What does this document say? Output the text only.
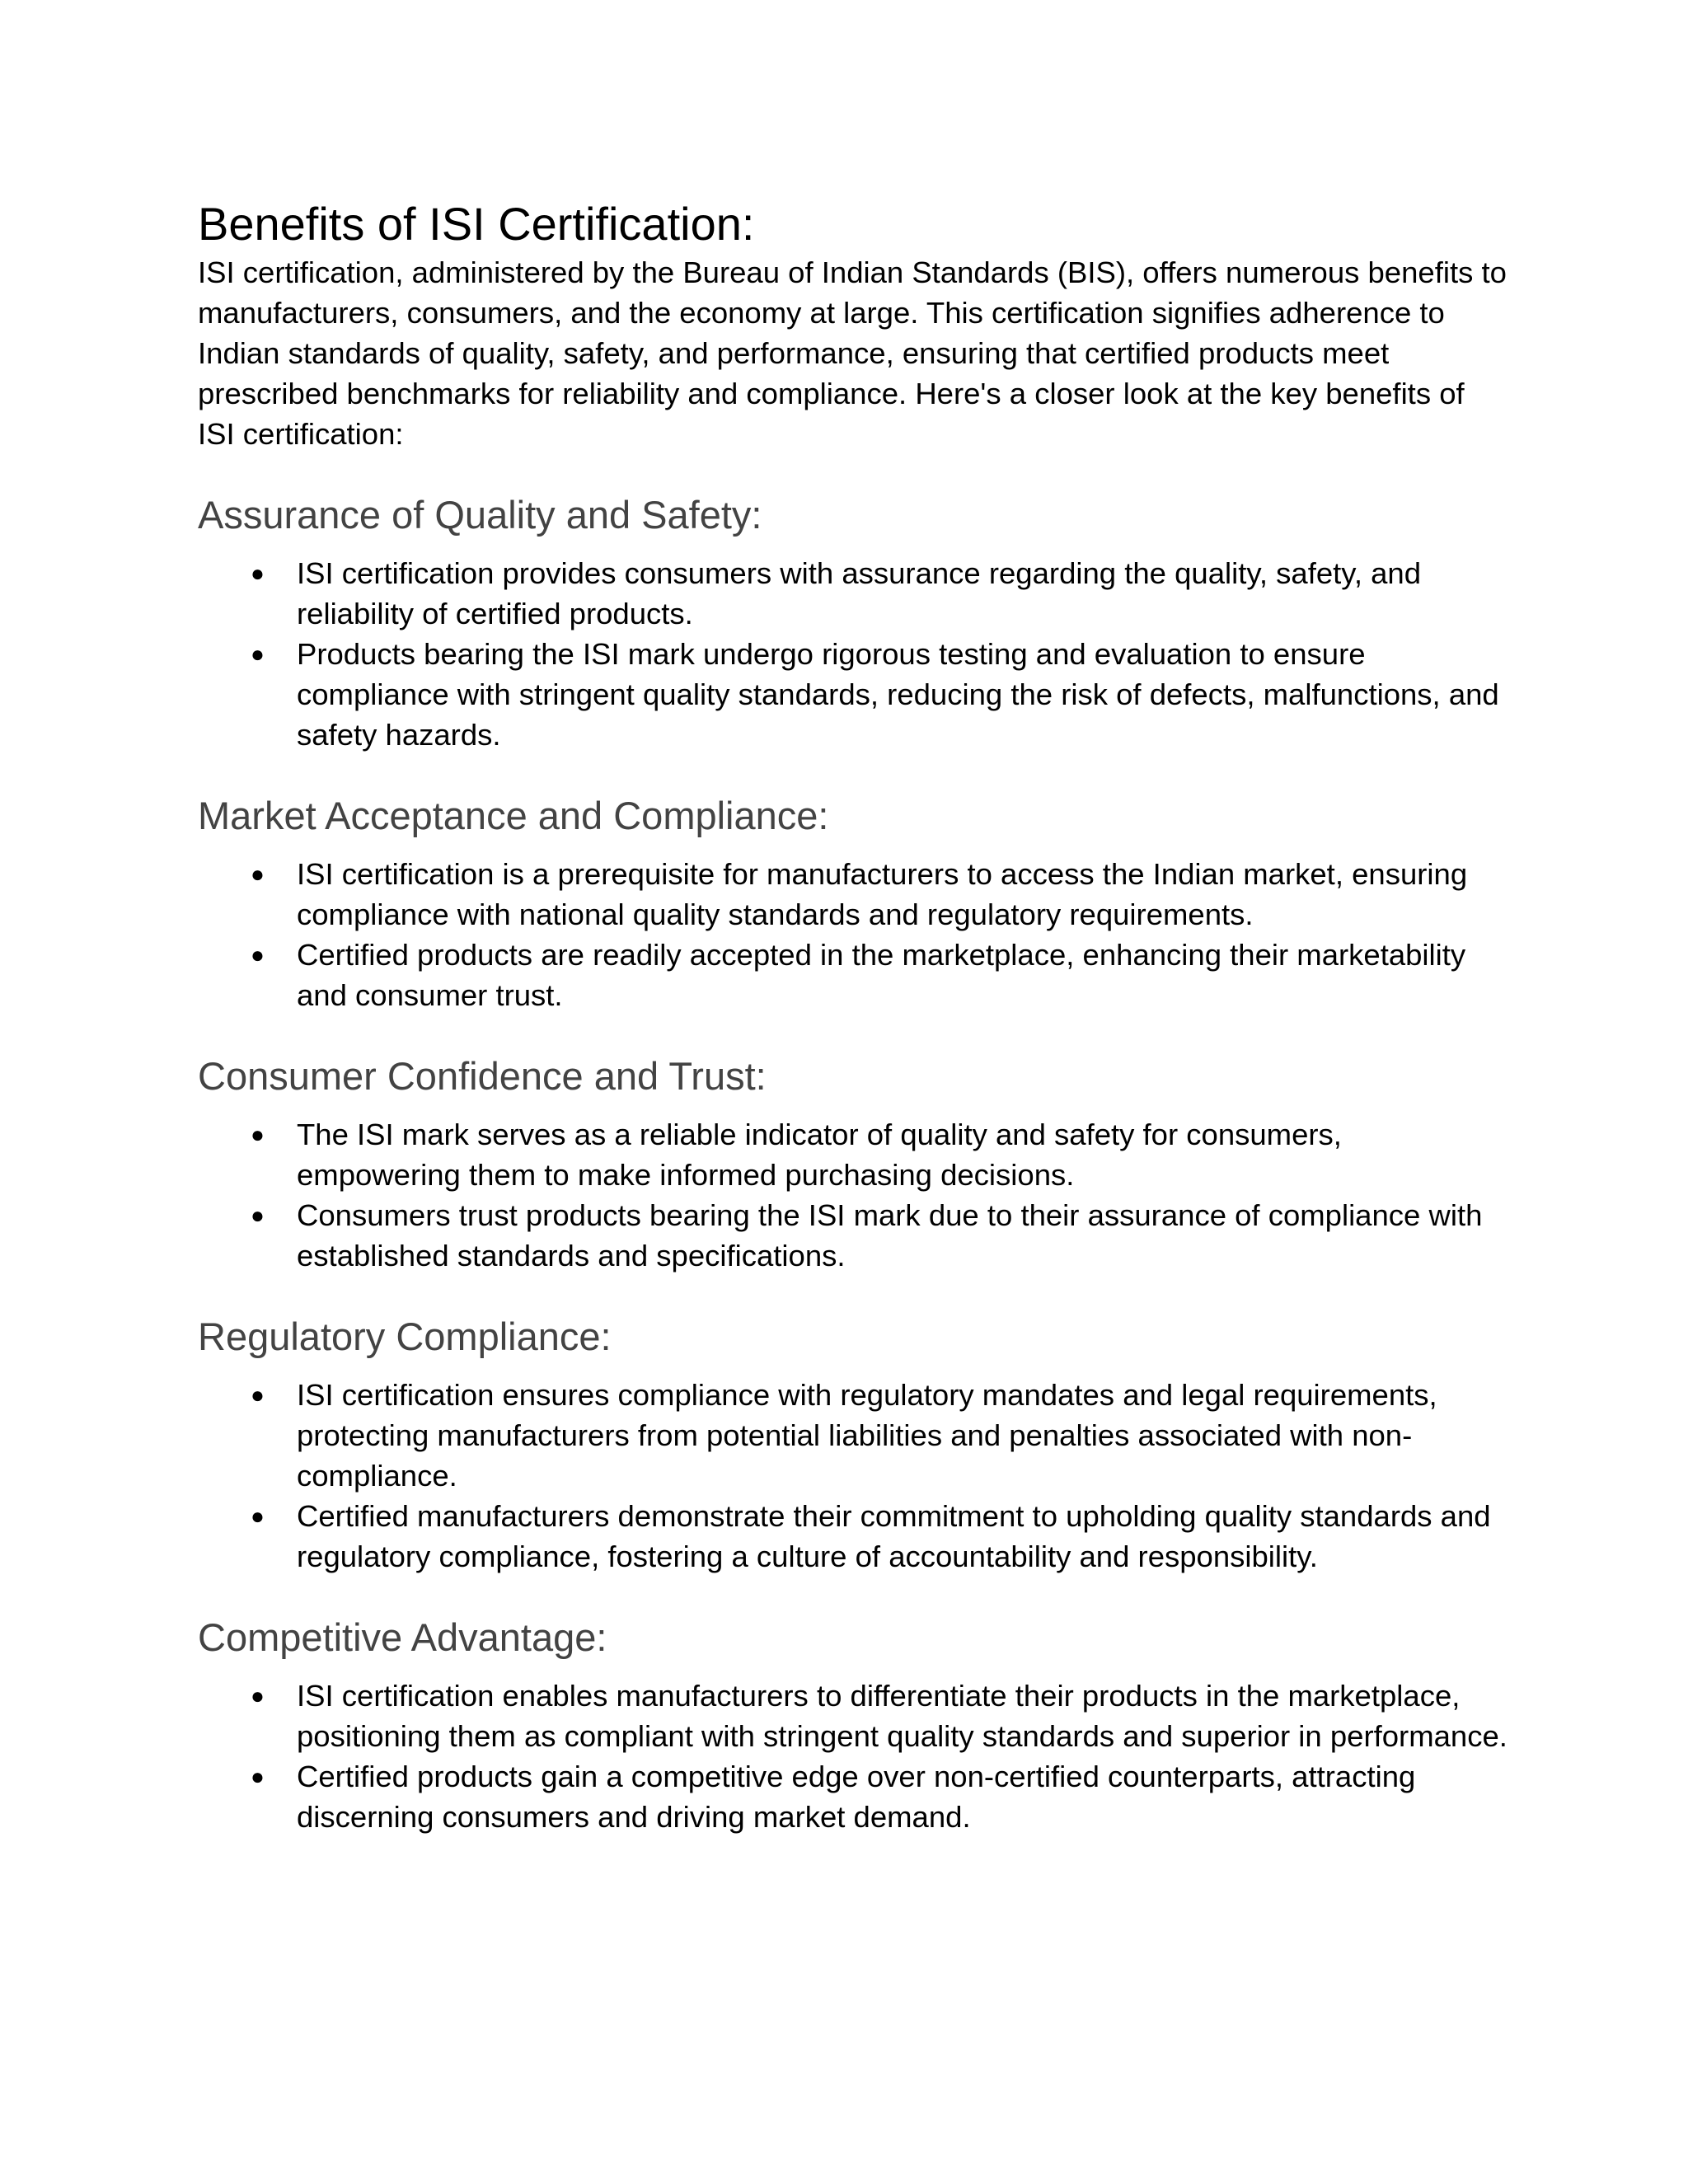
Benefits of ISI Certification:

ISI certification, administered by the Bureau of Indian Standards (BIS), offers numerous benefits to manufacturers, consumers, and the economy at large. This certification signifies adherence to Indian standards of quality, safety, and performance, ensuring that certified products meet prescribed benchmarks for reliability and compliance. Here's a closer look at the key benefits of ISI certification:

Assurance of Quality and Safety:
● ISI certification provides consumers with assurance regarding the quality, safety, and reliability of certified products.
● Products bearing the ISI mark undergo rigorous testing and evaluation to ensure compliance with stringent quality standards, reducing the risk of defects, malfunctions, and safety hazards.
Market Acceptance and Compliance:
● ISI certification is a prerequisite for manufacturers to access the Indian market, ensuring compliance with national quality standards and regulatory requirements.
● Certified products are readily accepted in the marketplace, enhancing their marketability and consumer trust.
Consumer Confidence and Trust:
● The ISI mark serves as a reliable indicator of quality and safety for consumers, empowering them to make informed purchasing decisions.
● Consumers trust products bearing the ISI mark due to their assurance of compliance with established standards and specifications.
Regulatory Compliance:
● ISI certification ensures compliance with regulatory mandates and legal requirements, protecting manufacturers from potential liabilities and penalties associated with non-compliance.
● Certified manufacturers demonstrate their commitment to upholding quality standards and regulatory compliance, fostering a culture of accountability and responsibility.
Competitive Advantage:
● ISI certification enables manufacturers to differentiate their products in the marketplace, positioning them as compliant with stringent quality standards and superior in performance.
● Certified products gain a competitive edge over non-certified counterparts, attracting discerning consumers and driving market demand.
